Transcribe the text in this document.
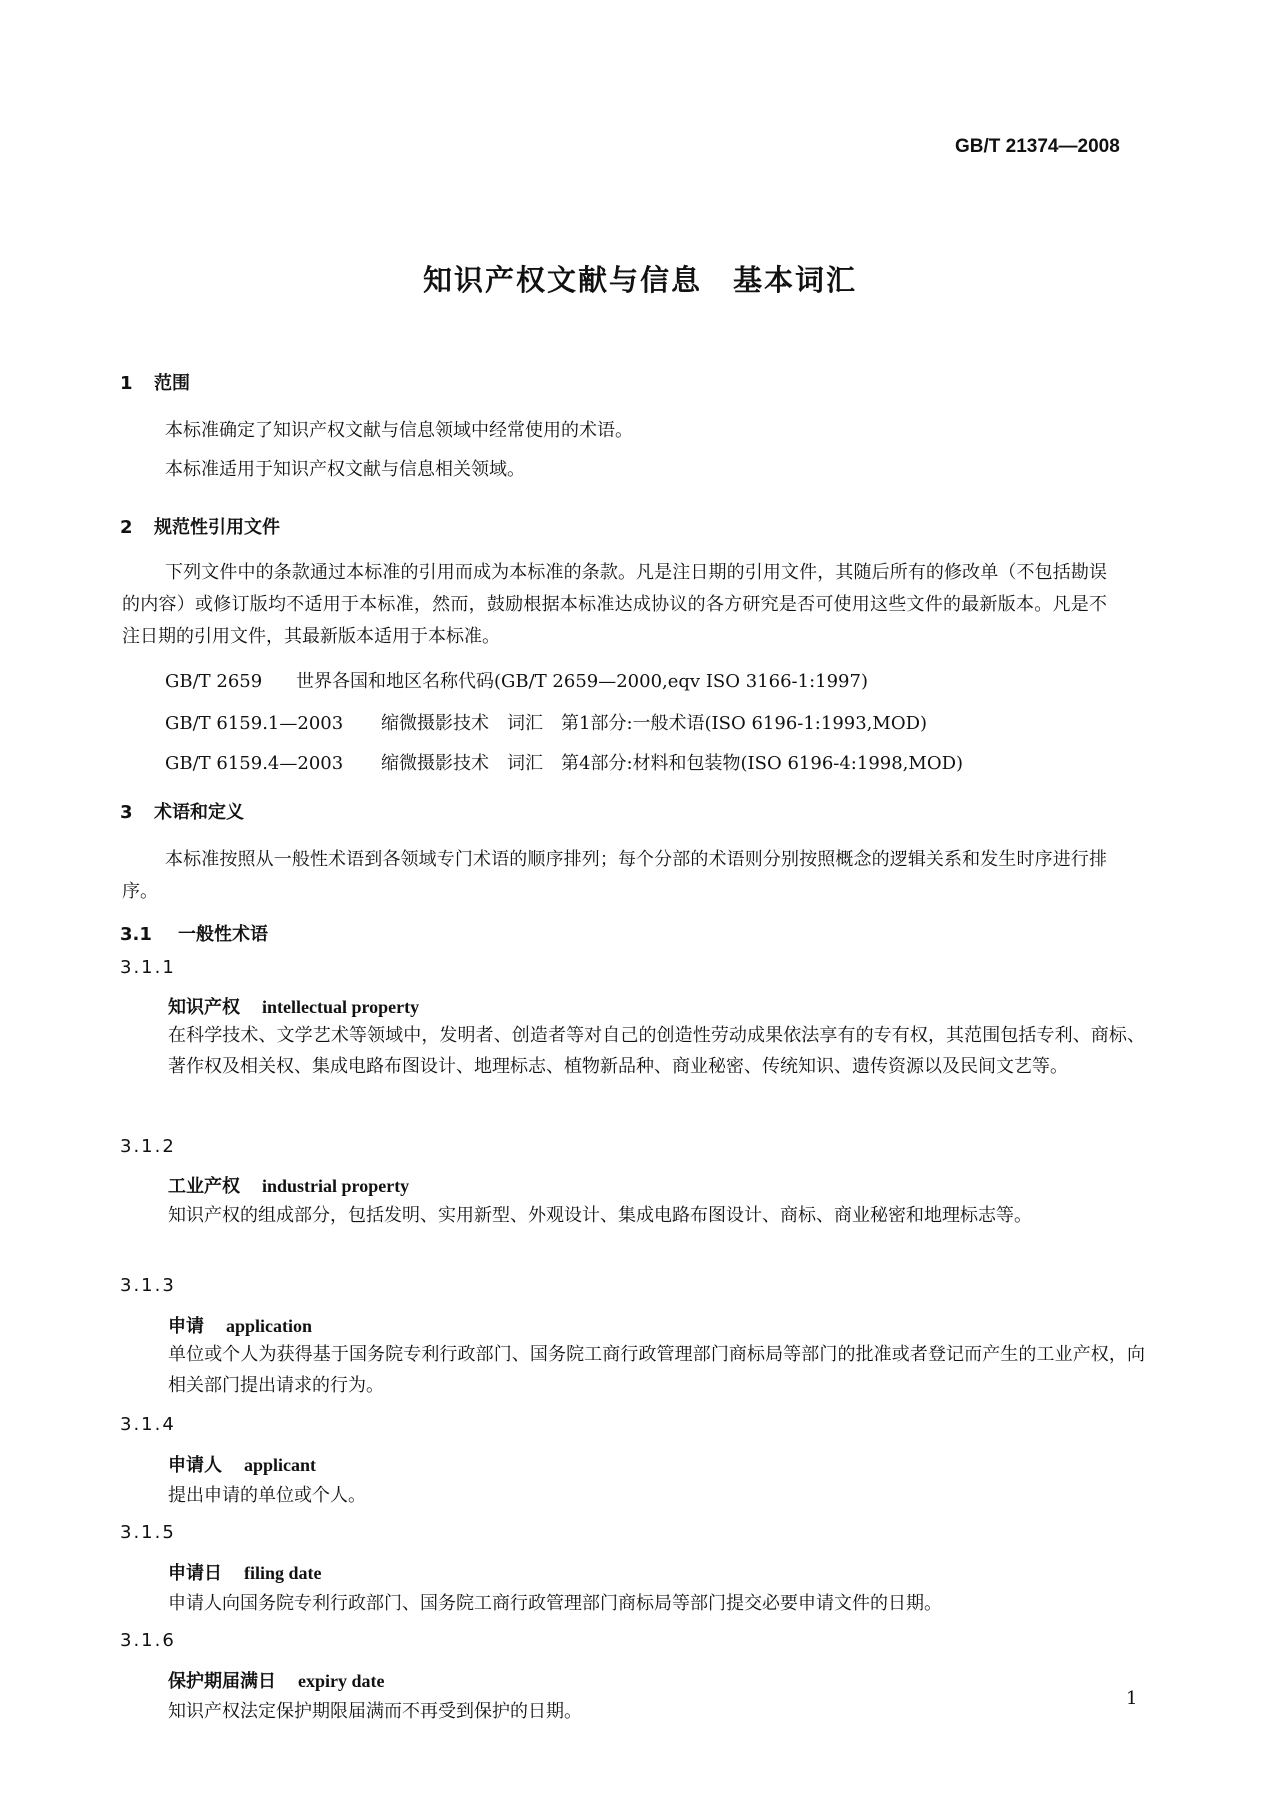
GB/T 21374—2008
知识产权文献与信息　基本词汇
1 范围

本标准确定了知识产权文献与信息领域中经常使用的术语。

本标准适用于知识产权文献与信息相关领域。

2 规范性引用文件

下列文件中的条款通过本标准的引用而成为本标准的条款。凡是注日期的引用文件，其随后所有的修改单（不包括勘误的内容）或修订版均不适用于本标准，然而，鼓励根据本标准达成协议的各方研究是否可使用这些文件的最新版本。凡是不注日期的引用文件，其最新版本适用于本标准。

GB/T 2659 世界各国和地区名称代码(GB/T 2659—2000,eqv ISO 3166-1:1997)
GB/T 6159.1—2003 缩微摄影技术　词汇　第1部分:一般术语(ISO 6196-1:1993,MOD)
GB/T 6159.4—2003 缩微摄影技术　词汇　第4部分:材料和包装物(ISO 6196-4:1998,MOD)
3 术语和定义

本标准按照从一般性术语到各领域专门术语的顺序排列；每个分部的术语则分别按照概念的逻辑关系和发生时序进行排序。

3.1 一般性术语
3.1.1
知识产权 intellectual property

在科学技术、文学艺术等领域中，发明者、创造者等对自己的创造性劳动成果依法享有的专有权，其范围包括专利、商标、著作权及相关权、集成电路布图设计、地理标志、植物新品种、商业秘密、传统知识、遗传资源以及民间文艺等。

3.1.2
工业产权 industrial property

知识产权的组成部分，包括发明、实用新型、外观设计、集成电路布图设计、商标、商业秘密和地理标志等。

3.1.3
申请 application

单位或个人为获得基于国务院专利行政部门、国务院工商行政管理部门商标局等部门的批准或者登记而产生的工业产权，向相关部门提出请求的行为。

3.1.4
申请人 applicant

提出申请的单位或个人。

3.1.5
申请日 filing date

申请人向国务院专利行政部门、国务院工商行政管理部门商标局等部门提交必要申请文件的日期。

3.1.6
保护期届满日 expiry date

知识产权法定保护期限届满而不再受到保护的日期。

1
